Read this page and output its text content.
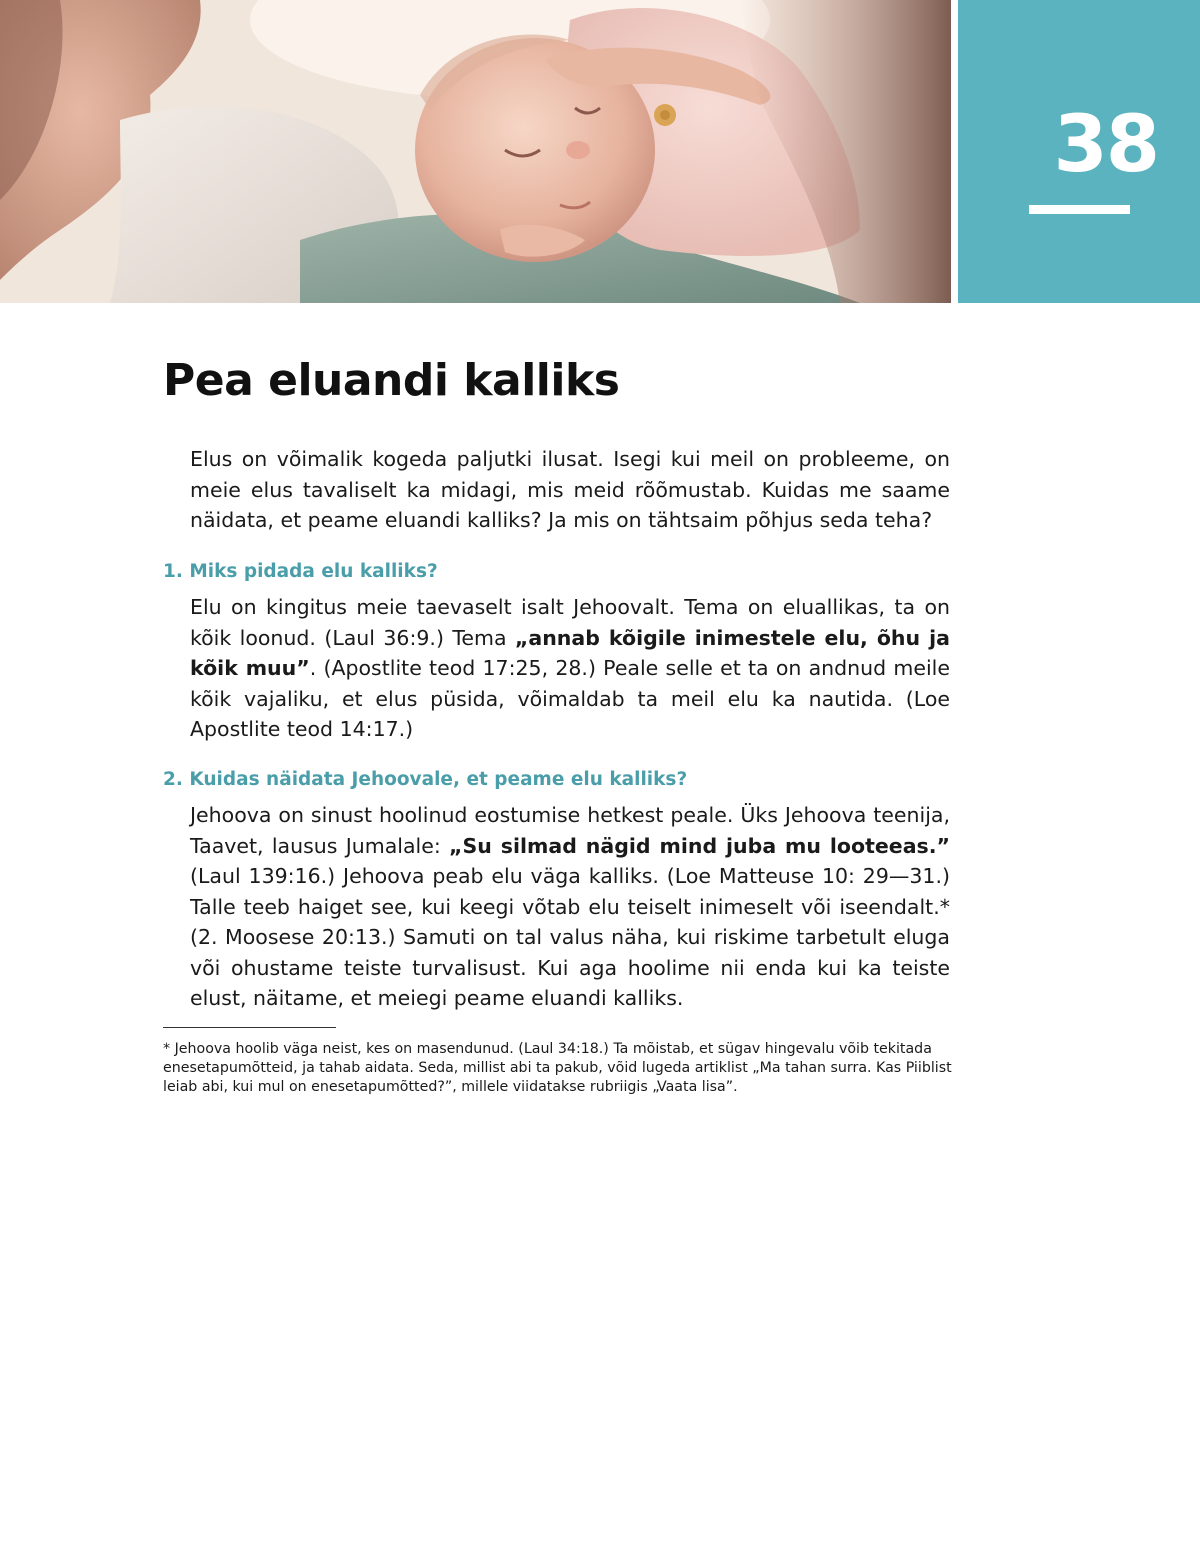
38
Pea eluandi kalliks

Elus on võimalik kogeda paljutki ilusat. Isegi kui meil on probleeme, on meie elus tavaliselt ka midagi, mis meid rõõmustab. Kuidas me saame näidata, et peame eluandi kalliks? Ja mis on tähtsaim põhjus seda teha?

1. Miks pidada elu kalliks?

Elu on kingitus meie taevaselt isalt Jehoovalt. Tema on eluallikas, ta on kõik loonud. (Laul 36:9.) Tema „annab kõigile inimestele elu, õhu ja kõik muu”. (Apostlite teod 17:25, 28.) Peale selle et ta on andnud meile kõik vajaliku, et elus püsida, võimaldab ta meil elu ka nautida. (Loe Apostlite teod 14:17.)

2. Kuidas näidata Jehoovale, et peame elu kalliks?

Jehoova on sinust hoolinud eostumise hetkest peale. Üks Jehoova teenija, Taavet, lausus Jumalale: „Su silmad nägid mind juba mu looteeas.” (Laul 139:16.) Jehoova peab elu väga kalliks. (Loe Matteuse 10: 29—31.) Talle teeb haiget see, kui keegi võtab elu teiselt inimeselt või iseendalt.* (2. Moosese 20:13.) Samuti on tal valus näha, kui riskime tarbetult eluga või ohustame teiste turvalisust. Kui aga hoolime nii enda kui ka teiste elust, näitame, et meiegi peame eluandi kalliks.

* Jehoova hoolib väga neist, kes on masendunud. (Laul 34:18.) Ta mõistab, et sügav hingevalu võib tekitada enesetapumõtteid, ja tahab aidata. Seda, millist abi ta pakub, võid lugeda artiklist „Ma tahan surra. Kas Piiblist leiab abi, kui mul on enesetapumõtted?”, millele viidatakse rubriigis „Vaata lisa”.
